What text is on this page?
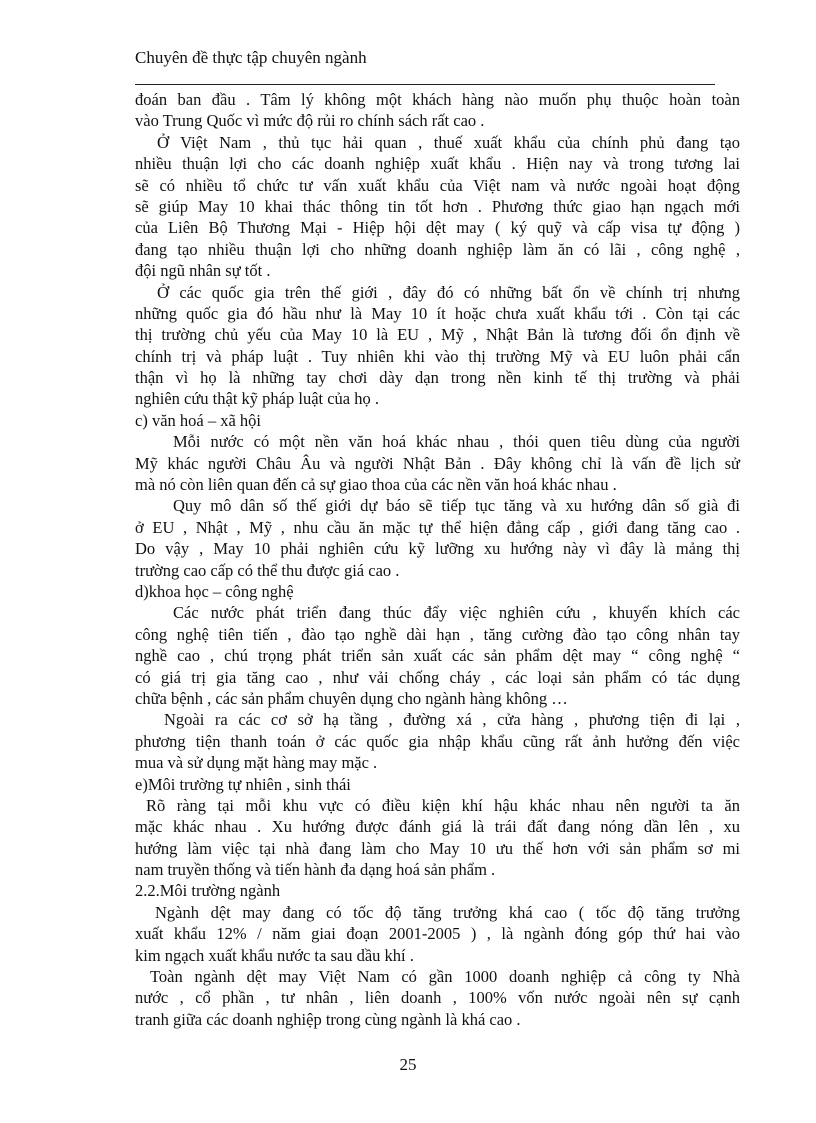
Chuyên đề thực tập chuyên ngành
đoán ban đầu . Tâm lý không một khách hàng nào muốn phụ thuộc hoàn toàn
vào Trung Quốc vì mức độ rủi ro chính sách rất cao .
Ở Việt Nam , thủ tục hải quan , thuế xuất khẩu của chính phủ đang tạo
nhiều thuận lợi cho các doanh nghiệp xuất khẩu . Hiện nay và trong tương lai
sẽ có nhiều tổ chức tư vấn xuất khẩu của Việt nam và nước ngoài hoạt động
sẽ giúp May 10 khai thác thông tin tốt hơn . Phương thức giao hạn ngạch mới
của Liên Bộ Thương Mại - Hiệp hội dệt may ( ký quỹ và cấp visa tự động )
đang tạo nhiều thuận lợi cho những doanh nghiệp làm ăn có lãi , công nghệ ,
đội ngũ nhân sự tốt .
Ở các quốc gia trên thế giới , đây đó có những bất ổn về chính trị nhưng
những quốc gia đó hầu như là May 10 ít hoặc chưa xuất khẩu tới . Còn tại các
thị trường chủ yếu của May 10 là EU , Mỹ , Nhật Bản là tương đối ổn định về
chính trị và pháp luật . Tuy nhiên khi vào thị trường Mỹ và EU luôn phải cẩn
thận vì họ là những tay chơi dày dạn trong nền kinh tế thị trường và phải
nghiên cứu thật kỹ pháp luật của họ .
c) văn hoá – xã hội
Mỗi nước có một nền văn hoá khác nhau , thói quen tiêu dùng của người
Mỹ khác người Châu Âu và người Nhật Bản . Đây không chỉ là vấn đề lịch sử
mà nó còn liên quan đến cả sự giao thoa của các nền văn hoá khác nhau .
Quy mô dân số thế giới dự báo sẽ tiếp tục tăng và xu hướng dân số già đi
ở EU , Nhật , Mỹ , nhu cầu ăn mặc tự thể hiện đẳng cấp , giới đang tăng cao .
Do vậy , May 10 phải nghiên cứu kỹ lưỡng xu hướng này vì đây là mảng thị
trường cao cấp có thể thu được giá cao .
d)khoa học – công nghệ
Các nước phát triển đang thúc đẩy việc nghiên cứu , khuyến khích các
công nghệ tiên tiến , đào tạo nghề dài hạn , tăng cường đào tạo công nhân tay
nghề cao , chú trọng phát triển sản xuất các sản phẩm dệt may “ công nghệ “
có giá trị gia tăng cao , như vải chống cháy , các loại sản phẩm có tác dụng
chữa bệnh , các sản phẩm chuyên dụng cho ngành hàng không …
Ngoài ra các cơ sở hạ tầng , đường xá , cửa hàng , phương tiện đi lại ,
phương tiện thanh toán ở các quốc gia nhập khẩu cũng rất ảnh hưởng đến việc
mua và sử dụng mặt hàng may mặc .
e)Môi trường tự nhiên , sinh thái
Rõ ràng tại mỗi khu vực có điều kiện khí hậu khác nhau nên người ta ăn
mặc khác nhau . Xu hướng được đánh giá là trái đất đang nóng dần lên , xu
hướng làm việc tại nhà đang làm cho May 10 ưu thế hơn với sản phẩm sơ mi
nam truyền thống và tiến hành đa dạng hoá sản phẩm .
2.2.Môi trường ngành
Ngành dệt may đang có tốc độ tăng trưởng khá cao ( tốc độ tăng trưởng
xuất khẩu 12% / năm giai đoạn 2001-2005 ) , là ngành đóng góp thứ hai vào
kim ngạch xuất khẩu nước ta sau dầu khí .
Toàn ngành dệt may Việt Nam có gần 1000 doanh nghiệp cả công ty Nhà
nước , cổ phần , tư nhân , liên doanh , 100% vốn nước ngoài nên sự cạnh
tranh giữa các doanh nghiệp trong cùng ngành là khá cao .
25
